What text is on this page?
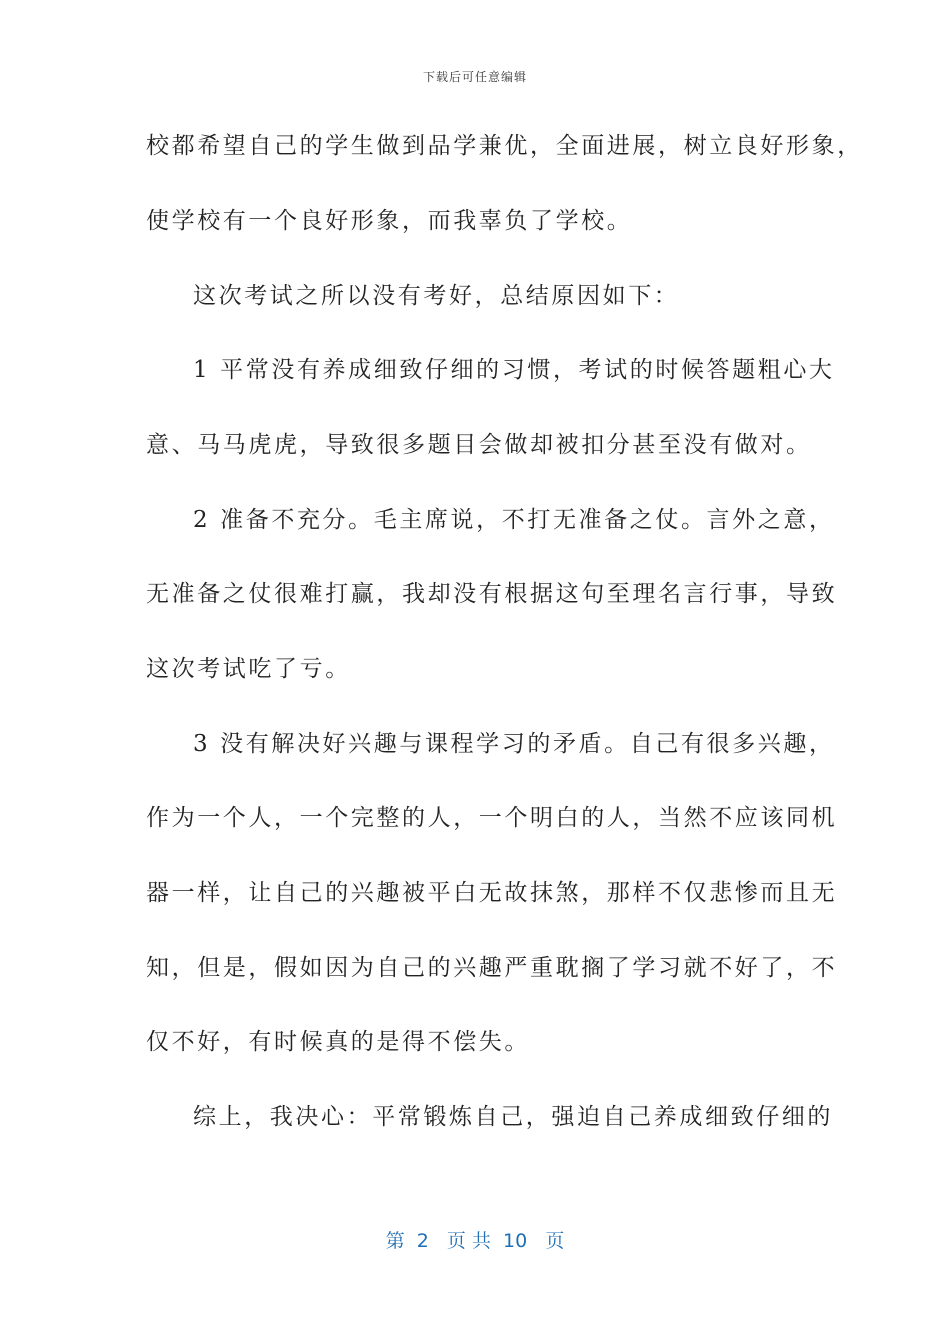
下载后可任意编辑
校都希望自己的学生做到品学兼优，全面进展，树立良好形象，
使学校有一个良好形象，而我辜负了学校。
这次考试之所以没有考好，总结原因如下：
1 平常没有养成细致仔细的习惯，考试的时候答题粗心大
意、马马虎虎，导致很多题目会做却被扣分甚至没有做对。
2 准备不充分。毛主席说，不打无准备之仗。言外之意，
无准备之仗很难打赢，我却没有根据这句至理名言行事，导致
这次考试吃了亏。
3 没有解决好兴趣与课程学习的矛盾。自己有很多兴趣，
作为一个人，一个完整的人，一个明白的人，当然不应该同机
器一样，让自己的兴趣被平白无故抹煞，那样不仅悲惨而且无
知，但是，假如因为自己的兴趣严重耽搁了学习就不好了，不
仅不好，有时候真的是得不偿失。
综上，我决心：平常锻炼自己，强迫自己养成细致仔细的
第  2   页 共  10   页
